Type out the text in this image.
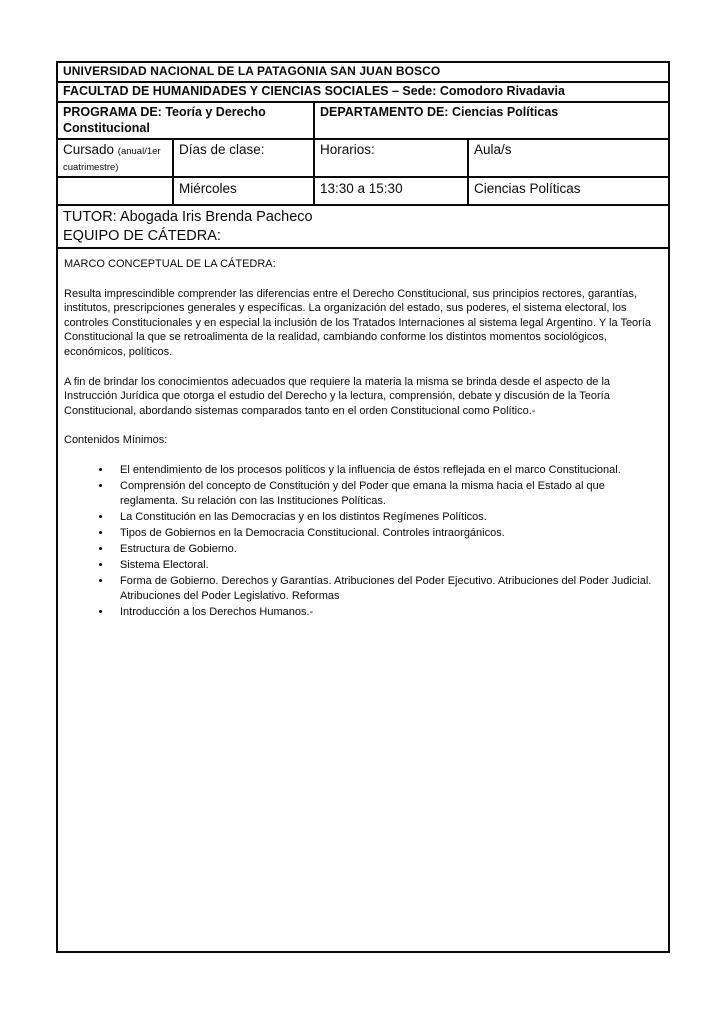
UNIVERSIDAD NACIONAL DE LA PATAGONIA SAN JUAN BOSCO			
FACULTAD DE HUMANIDADES Y CIENCIAS SOCIALES – Sede: Comodoro Rivadavia			
PROGRAMA DE: Teoría y Derecho Constitucional		DEPARTAMENTO DE: Ciencias Políticas	
Cursado (anual/1er cuatrimestre)	Días de clase:	Horarios:	Aula/s
	Miércoles	13:30 a 15:30	Ciencias Políticas

TUTOR: Abogada Iris Brenda Pacheco
EQUIPO DE CÁTEDRA:			

MARCO CONCEPTUAL DE LA CÁTEDRA:

Resulta imprescindible comprender las diferencias entre el Derecho Constitucional, sus principios rectores, garantías, institutos, prescripciones generales y específicas. La organización del estado, sus poderes, el sistema electoral, los controles Constitucionales y en especial la inclusión de los Tratados Internaciones al sistema legal Argentino. Y la Teoría Constitucional la que se retroalimenta de la realidad, cambiando conforme los distintos momentos sociológicos, económicos, políticos.

A fin de brindar los conocimientos adecuados que requiere la materia la misma se brinda desde el aspecto de la Instrucción Jurídica que otorga el estudio del Derecho y la lectura, comprensión, debate y discusión de la Teoría Constitucional, abordando sistemas comparados tanto en el orden Constitucional como Político.-

Contenidos Mínimos:

• El entendimiento de los procesos políticos y la influencia de éstos reflejada en el marco Constitucional.
• Comprensión del concepto de Constitución y del Poder que emana la misma hacia el Estado al que reglamenta. Su relación con las Instituciones Políticas.
• La Constitución en las Democracias y en los distintos Regímenes Políticos.
• Tipos de Gobiernos en la Democracia Constitucional. Controles intraorgánicos.
• Estructura de Gobierno.
• Sistema Electoral.
• Forma de Gobierno. Derechos y Garantías. Atribuciones del Poder Ejecutivo. Atribuciones del Poder Judicial. Atribuciones del Poder Legislativo. Reformas
• Introducción a los Derechos Humanos.-
